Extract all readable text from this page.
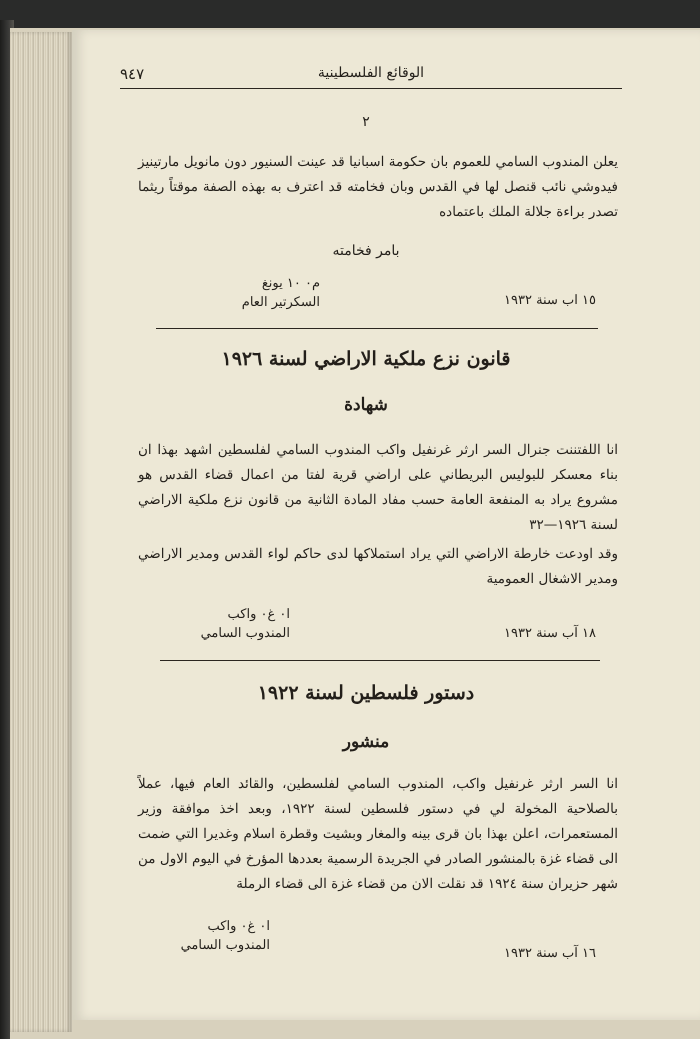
الوقائع الفلسطينية
٩٤٧
٢

يعلن المندوب السامي للعموم بان حكومة اسبانيا قد عينت السنيور دون مانويل مارتينيز فيدوشي نائب قنصل لها في القدس وبان فخامته قد اعترف به بهذه الصفة موقتاً ريثما تصدر براءة جلالة الملك باعتماده

بامر فخامته
م٠ ١٠ يونغ
السكرتير العام	١٥ اب سنة ١٩٣٢
قانون نزع ملكية الاراضي لسنة ١٩٢٦
شهادة

انا اللفتننت جنرال السر ارثر غرنفيل واكب المندوب السامي لفلسطين اشهد بهذا ان بناء معسكر للبوليس البريطاني على اراضي قرية لفتا من اعمال قضاء القدس هو مشروع يراد به المنفعة العامة حسب مفاد المادة الثانية من قانون نزع ملكية الاراضي لسنة ١٩٢٦—٣٢

وقد اودعت خارطة الاراضي التي يراد استملاكها لدى حاكم لواء القدس ومدير الاراضي ومدير الاشغال العمومية

ا٠ غ٠ واكب
المندوب السامي	١٨ آب سنة ١٩٣٢
دستور فلسطين لسنة ١٩٢٢
منشور

انا السر ارثر غرنفيل واكب، المندوب السامي لفلسطين، والقائد العام فيها، عملاً بالصلاحية المخولة لي في دستور فلسطين لسنة ١٩٢٢، وبعد اخذ موافقة وزير المستعمرات، اعلن بهذا بان قرى بينه والمغار وبشيت وقطرة اسلام وغديرا التي ضمت الى قضاء غزة بالمنشور الصادر في الجريدة الرسمية بعددها المؤرخ في اليوم الاول من شهر حزيران سنة ١٩٢٤ قد نقلت الان من قضاء غزة الى قضاء الرملة

ا٠ غ٠ واكب
المندوب السامي
١٦ آب سنة ١٩٣٢
